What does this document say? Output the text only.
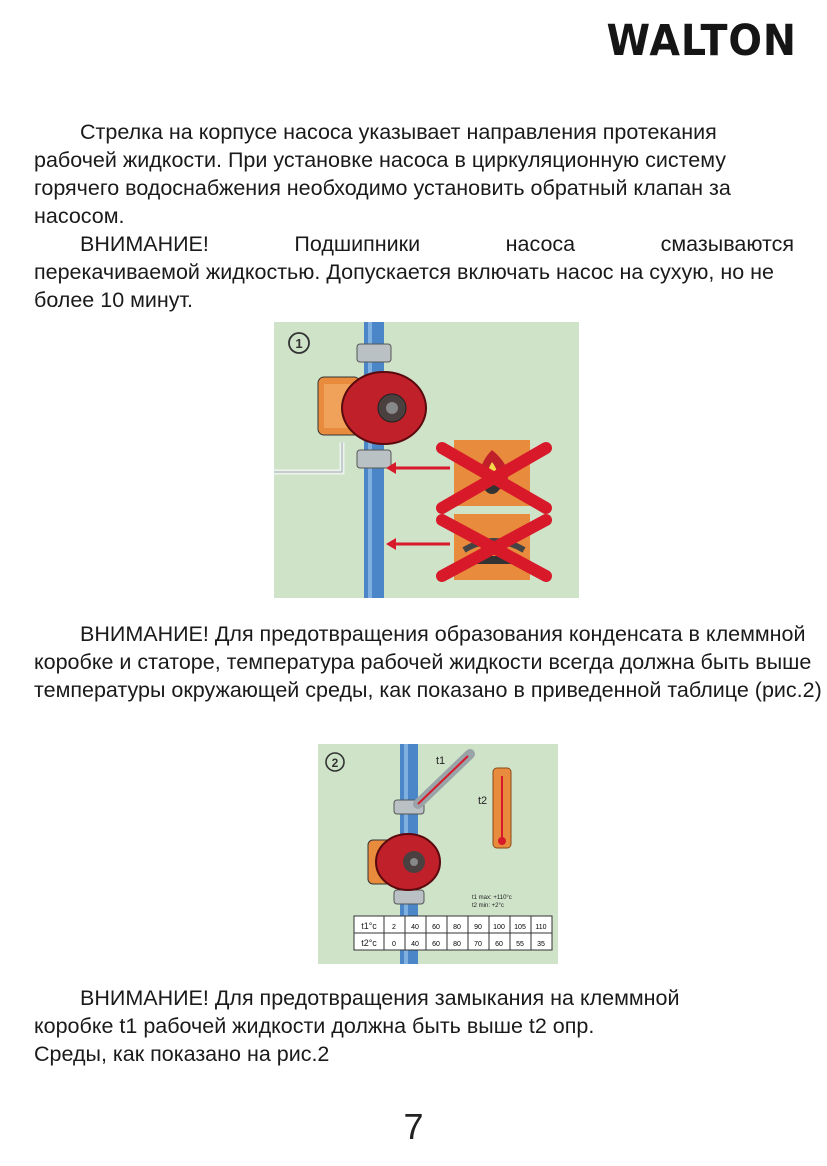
WALTON

Стрелка на корпусе насоса указывает направления протекания рабочей жидкости. При установке насоса в циркуляционную систему горячего водоснабжения необходимо установить обратный клапан за насосом.

ВНИМАНИЕ! Подшипники насоса смазываются

перекачиваемой жидкостью. Допускается включать насос на сухую, но не более 10 минут.

1

ВНИМАНИЕ! Для предотвращения образования конденсата в клеммной коробке и статоре, температура рабочей жидкости всегда должна быть выше температуры окружающей среды, как показано в приведенной таблице (рис.2)

2	t1
t2
t1 max: +110°c
t2 min: +2°c
t1°c
t2°c
2 40 60 80 90 100 105 110
0 40 60 80 70 60 55 35
ВНИМАНИЕ! Для предотвращения замыкания на клеммной
коробке t1 рабочей жидкости должна быть выше t2 опр.
Среды, как показано на рис.2
7
